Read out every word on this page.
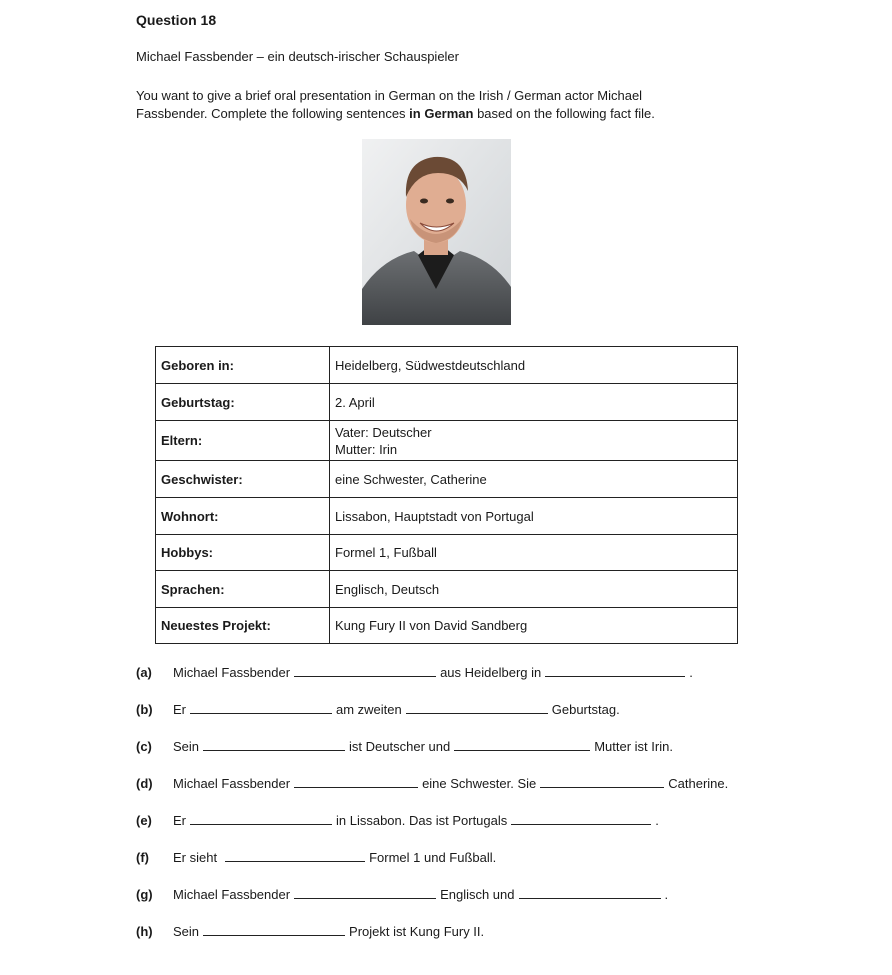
Question 18
Michael Fassbender – ein deutsch-irischer Schauspieler
You want to give a brief oral presentation in German on the Irish / German actor Michael
Fassbender. Complete the following sentences in German based on the following fact file.
Geboren in:	Heidelberg, Südwestdeutschland
Geburtstag:	2. April
Eltern:	Vater: Deutscher
Mutter: Irin
Geschwister:	eine Schwester, Catherine
Wohnort:	Lissabon, Hauptstadt von Portugal
Hobbys:	Formel 1, Fußball
Sprachen:	Englisch, Deutsch
Neuestes Projekt:	Kung Fury II von David Sandberg
(a) Michael Fassbender	aus Heidelberg in	.
(b) Er	am zweiten	Geburtstag.
(c) Sein	ist Deutscher und	Mutter ist Irin.
(d) Michael Fassbender	eine Schwester. Sie	Catherine.
(e) Er	in Lissabon. Das ist Portugals	.
(f) Er sieht	Formel 1 und Fußball.
(g) Michael Fassbender	Englisch und	.
(h) Sein	Projekt ist Kung Fury II.
